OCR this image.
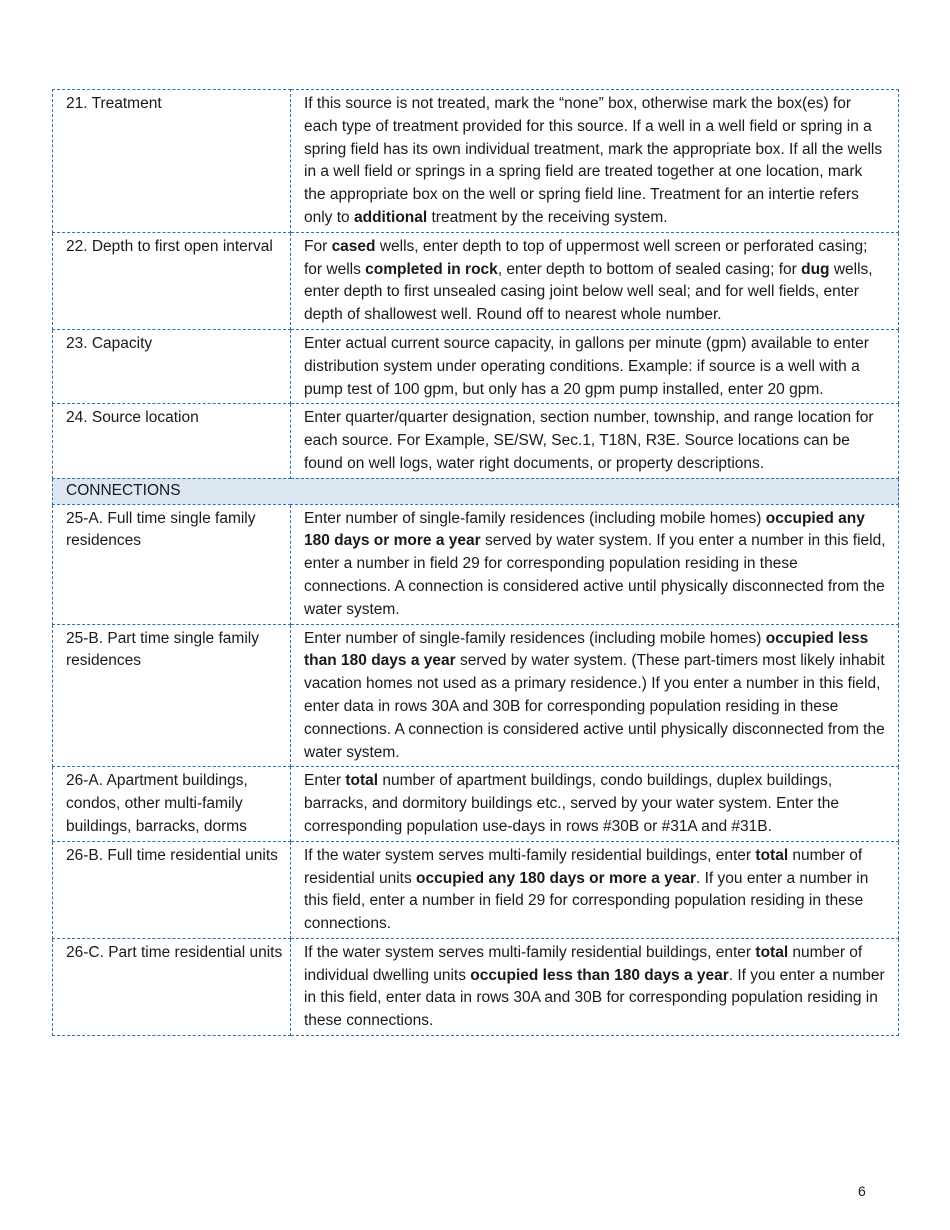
21. Treatment	If this source is not treated, mark the “none” box, otherwise mark the box(es) for each type of treatment provided for this source. If a well in a well field or spring in a spring field has its own individual treatment, mark the appropriate box. If all the wells in a well field or springs in a spring field are treated together at one location, mark the appropriate box on the well or spring field line. Treatment for an intertie refers only to additional treatment by the receiving system.
22. Depth to first open interval	For cased wells, enter depth to top of uppermost well screen or perforated casing; for wells completed in rock, enter depth to bottom of sealed casing; for dug wells, enter depth to first unsealed casing joint below well seal; and for well fields, enter depth of shallowest well. Round off to nearest whole number.
23. Capacity	Enter actual current source capacity, in gallons per minute (gpm) available to enter distribution system under operating conditions. Example: if source is a well with a pump test of 100 gpm, but only has a 20 gpm pump installed, enter 20 gpm.
24. Source location	Enter quarter/quarter designation, section number, township, and range location for each source. For Example, SE/SW, Sec.1, T18N, R3E. Source locations can be found on well logs, water right documents, or property descriptions.
CONNECTIONS	
25-A. Full time single family residences	Enter number of single-family residences (including mobile homes) occupied any 180 days or more a year served by water system. If you enter a number in this field, enter a number in field 29 for corresponding population residing in these connections. A connection is considered active until physically disconnected from the water system.
25-B. Part time single family residences	Enter number of single-family residences (including mobile homes) occupied less than 180 days a year served by water system. (These part-timers most likely inhabit vacation homes not used as a primary residence.) If you enter a number in this field, enter data in rows 30A and 30B for corresponding population residing in these connections. A connection is considered active until physically disconnected from the water system.
26-A. Apartment buildings, condos, other multi-family buildings, barracks, dorms	Enter total number of apartment buildings, condo buildings, duplex buildings, barracks, and dormitory buildings etc., served by your water system. Enter the corresponding population use-days in rows #30B or #31A and #31B.
26-B. Full time residential units	If the water system serves multi-family residential buildings, enter total number of residential units occupied any 180 days or more a year. If you enter a number in this field, enter a number in field 29 for corresponding population residing in these connections.
26-C. Part time residential units	If the water system serves multi-family residential buildings, enter total number of individual dwelling units occupied less than 180 days a year. If you enter a number in this field, enter data in rows 30A and 30B for corresponding population residing in these connections.
6
